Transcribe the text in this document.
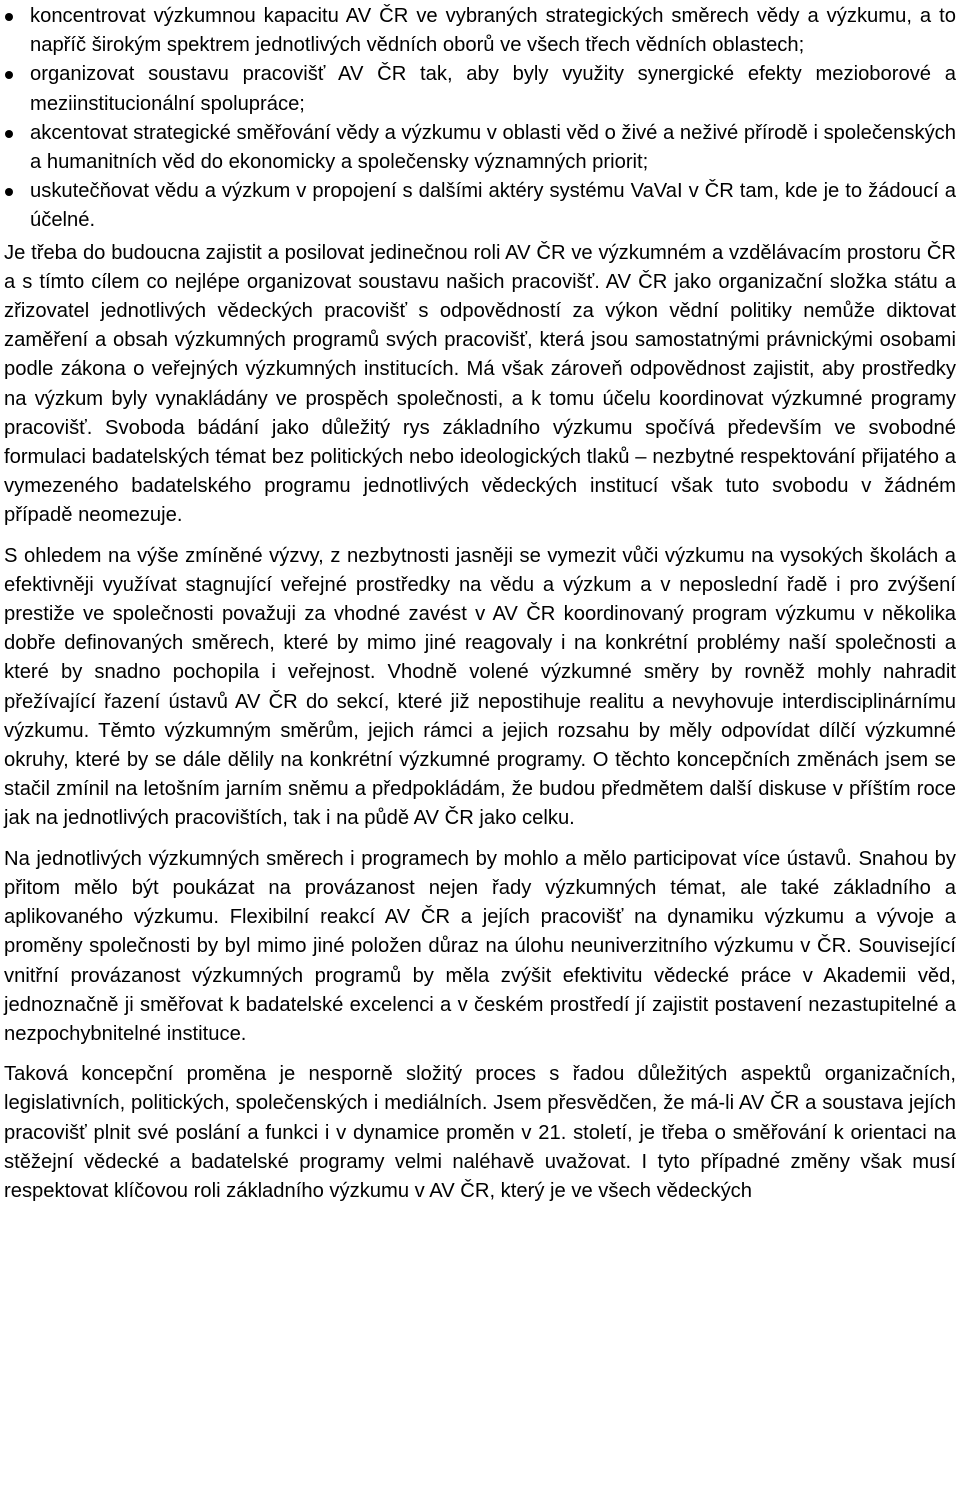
koncentrovat výzkumnou kapacitu AV ČR ve vybraných strategických směrech vědy a výzkumu, a to napříč širokým spektrem jednotlivých vědních oborů ve všech třech vědních oblastech;
organizovat soustavu pracovišť AV ČR tak, aby byly využity synergické efekty mezioborové a meziinstitucionální spolupráce;
akcentovat strategické směřování vědy a výzkumu v oblasti věd o živé a neživé přírodě i společenských a humanitních věd do ekonomicky a společensky významných priorit;
uskutečňovat vědu a výzkum v propojení s dalšími aktéry systému VaVaI v ČR tam, kde je to žádoucí a účelné.

Je třeba do budoucna zajistit a posilovat jedinečnou roli AV ČR ve výzkumném a vzdělávacím prostoru ČR a s tímto cílem co nejlépe organizovat soustavu našich pracovišť. AV ČR jako organizační složka státu a zřizovatel jednotlivých vědeckých pracovišť s odpovědností za výkon vědní politiky nemůže diktovat zaměření a obsah výzkumných programů svých pracovišť, která jsou samostatnými právnickými osobami podle zákona o veřejných výzkumných institucích. Má však zároveň odpovědnost zajistit, aby prostředky na výzkum byly vynakládány ve prospěch společnosti, a k tomu účelu koordinovat výzkumné programy pracovišť. Svoboda bádání jako důležitý rys základního výzkumu spočívá především ve svobodné formulaci badatelských témat bez politických nebo ideologických tlaků – nezbytné respektování přijatého a vymezeného badatelského programu jednotlivých vědeckých institucí však tuto svobodu v žádném případě neomezuje.

S ohledem na výše zmíněné výzvy, z nezbytnosti jasněji se vymezit vůči výzkumu na vysokých školách a efektivněji využívat stagnující veřejné prostředky na vědu a výzkum a v neposlední řadě i pro zvýšení prestiže ve společnosti považuji za vhodné zavést v AV ČR koordinovaný program výzkumu v několika dobře definovaných směrech, které by mimo jiné reagovaly i na konkrétní problémy naší společnosti a které by snadno pochopila i veřejnost. Vhodně volené výzkumné směry by rovněž mohly nahradit přežívající řazení ústavů AV ČR do sekcí, které již nepostihuje realitu a nevyhovuje interdisciplinárnímu výzkumu. Těmto výzkumným směrům, jejich rámci a jejich rozsahu by měly odpovídat dílčí výzkumné okruhy, které by se dále dělily na konkrétní výzkumné programy. O těchto koncepčních změnách jsem se stačil zmínil na letošním jarním sněmu a předpokládám, že budou předmětem další diskuse v příštím roce jak na jednotlivých pracovištích, tak i na půdě AV ČR jako celku.

Na jednotlivých výzkumných směrech i programech by mohlo a mělo participovat více ústavů. Snahou by přitom mělo být poukázat na provázanost nejen řady výzkumných témat, ale také základního a aplikovaného výzkumu. Flexibilní reakcí AV ČR a jejích pracovišť na dynamiku výzkumu a vývoje a proměny společnosti by byl mimo jiné položen důraz na úlohu neuniverzitního výzkumu v ČR. Související vnitřní provázanost výzkumných programů by měla zvýšit efektivitu vědecké práce v Akademii věd, jednoznačně ji směřovat k badatelské excelenci a v českém prostředí jí zajistit postavení nezastupitelné a nezpochybnitelné instituce.

Taková koncepční proměna je nesporně složitý proces s řadou důležitých aspektů organizačních, legislativních, politických, společenských i mediálních. Jsem přesvědčen, že má-li AV ČR a soustava jejích pracovišť plnit své poslání a funkci i v dynamice proměn v 21. století, je třeba o směřování k orientaci na stěžejní vědecké a badatelské programy velmi naléhavě uvažovat. I tyto případné změny však musí respektovat klíčovou roli základního výzkumu v AV ČR, který je ve všech vědeckých
